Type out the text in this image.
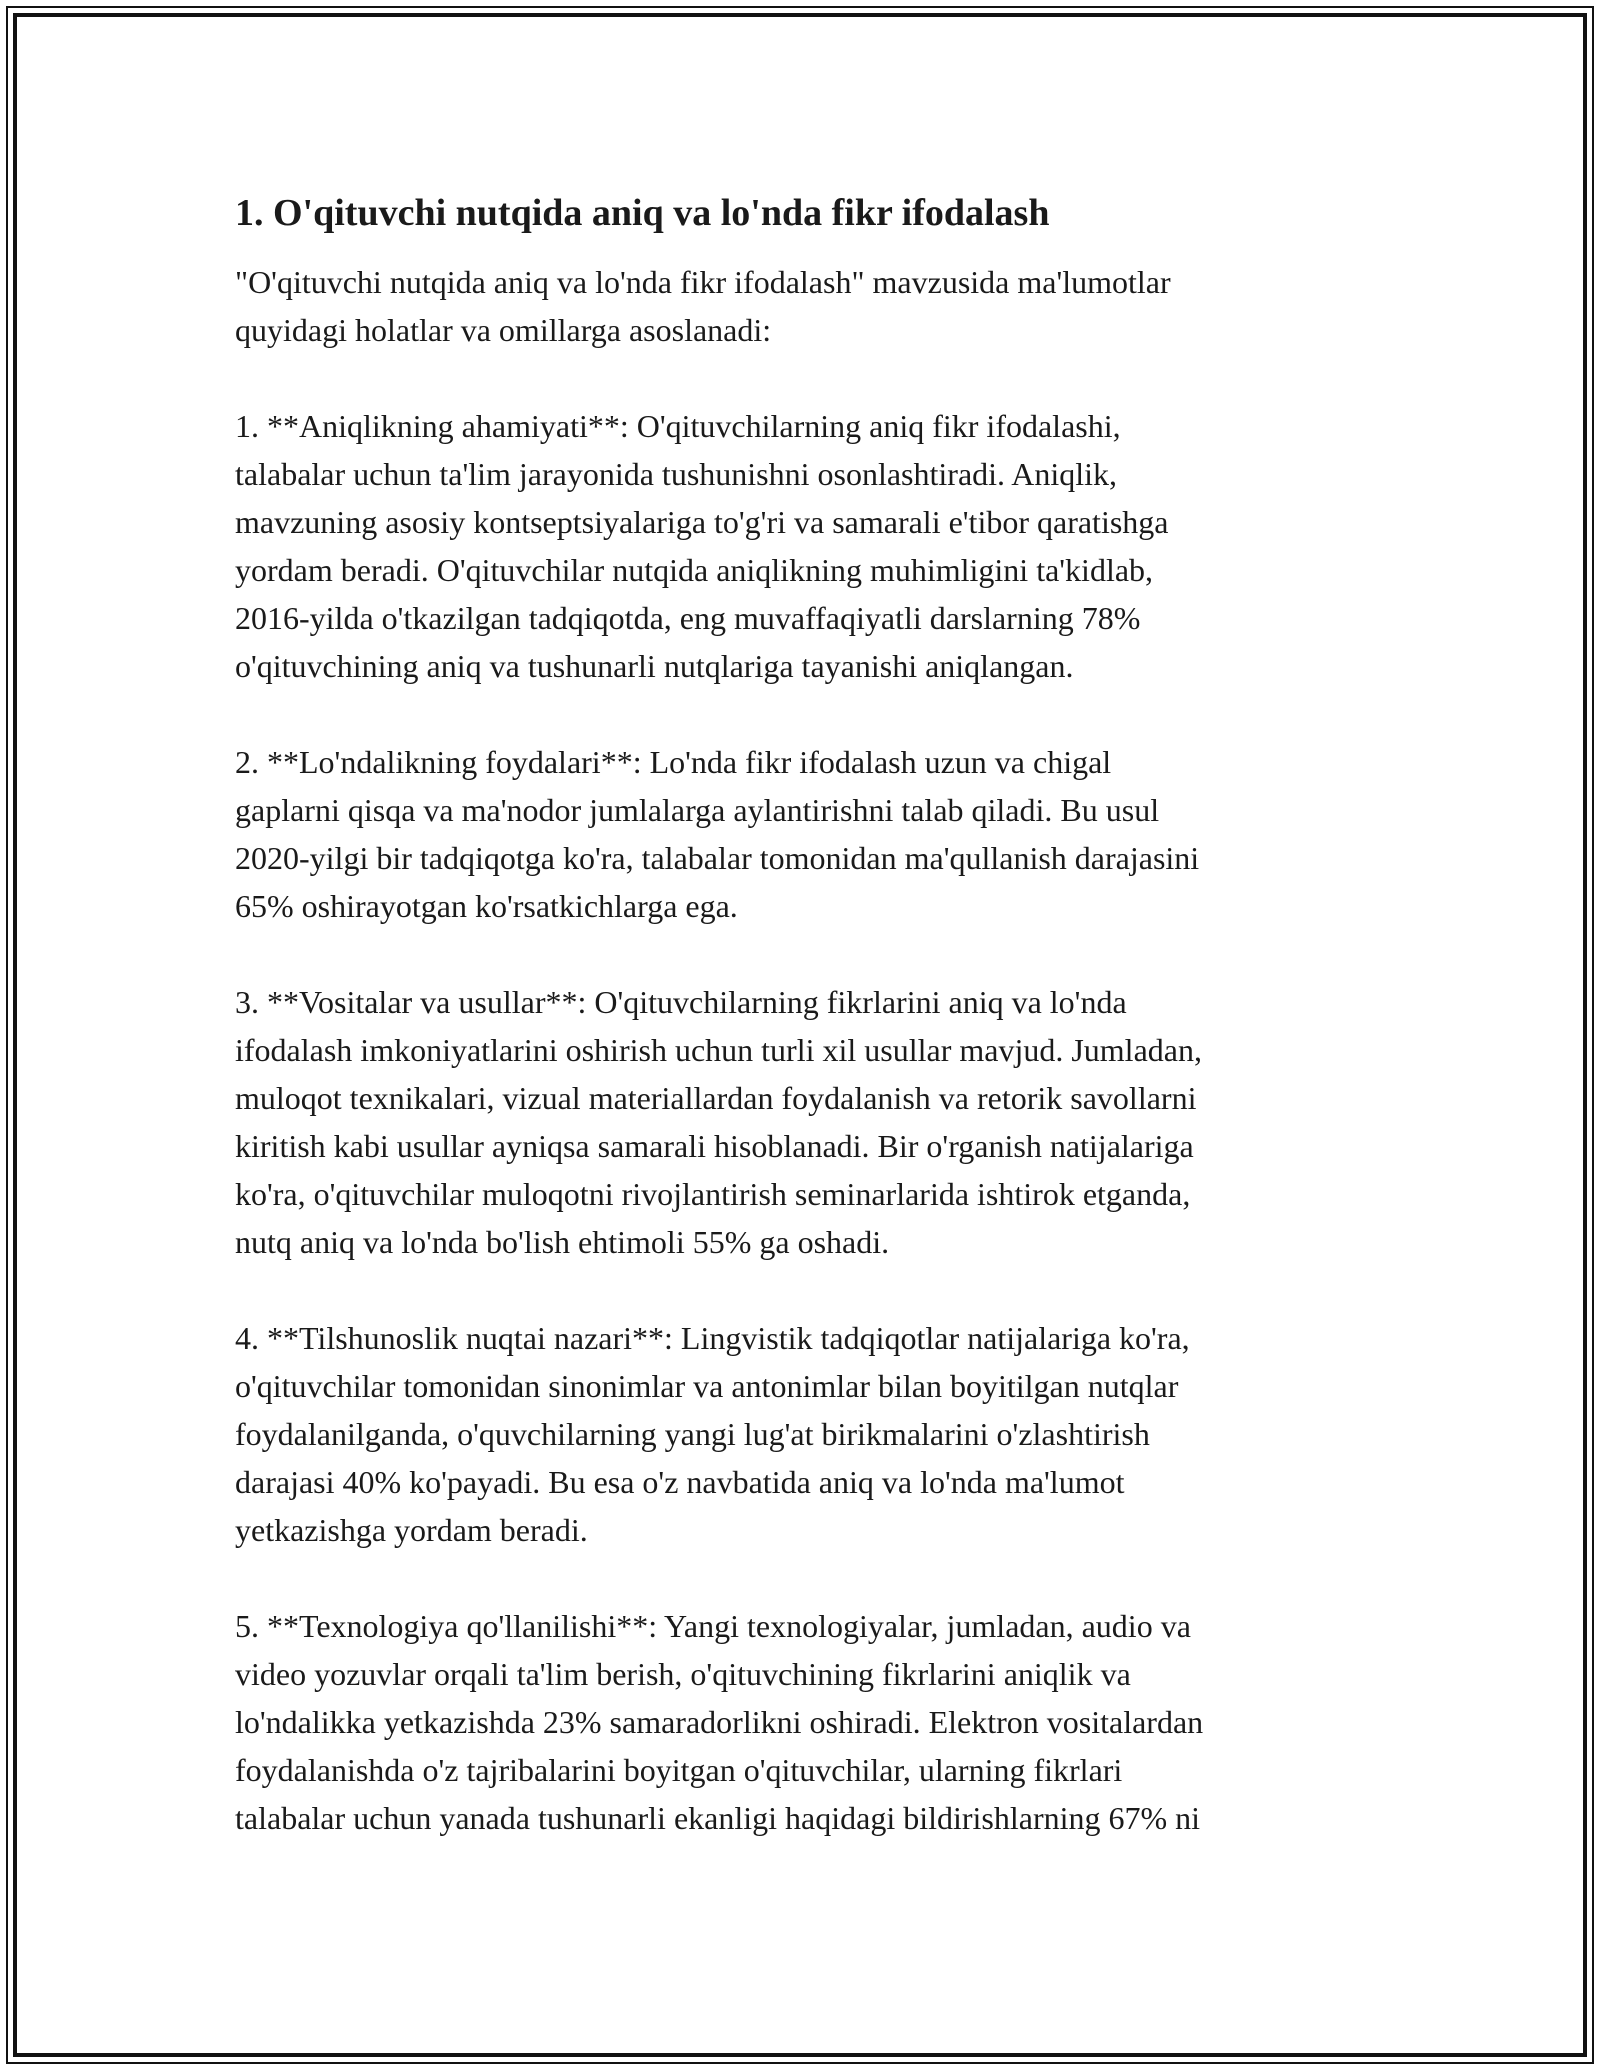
1. O'qituvchi nutqida aniq va lo'nda fikr ifodalash
"O'qituvchi nutqida aniq va lo'nda fikr ifodalash" mavzusida ma'lumotlar
quyidagi holatlar va omillarga asoslanadi:
1. **Aniqlikning ahamiyati**: O'qituvchilarning aniq fikr ifodalashi,
talabalar uchun ta'lim jarayonida tushunishni osonlashtiradi. Aniqlik,
mavzuning asosiy kontseptsiyalariga to'g'ri va samarali e'tibor qaratishga
yordam beradi. O'qituvchilar nutqida aniqlikning muhimligini ta'kidlab,
2016-yilda o'tkazilgan tadqiqotda, eng muvaffaqiyatli darslarning 78%
o'qituvchining aniq va tushunarli nutqlariga tayanishi aniqlangan.
2. **Lo'ndalikning foydalari**: Lo'nda fikr ifodalash uzun va chigal
gaplarni qisqa va ma'nodor jumlalarga aylantirishni talab qiladi. Bu usul
2020-yilgi bir tadqiqotga ko'ra, talabalar tomonidan ma'qullanish darajasini
65% oshirayotgan ko'rsatkichlarga ega.
3. **Vositalar va usullar**: O'qituvchilarning fikrlarini aniq va lo'nda
ifodalash imkoniyatlarini oshirish uchun turli xil usullar mavjud. Jumladan,
muloqot texnikalari, vizual materiallardan foydalanish va retorik savollarni
kiritish kabi usullar ayniqsa samarali hisoblanadi. Bir o'rganish natijalariga
ko'ra, o'qituvchilar muloqotni rivojlantirish seminarlarida ishtirok etganda,
nutq aniq va lo'nda bo'lish ehtimoli 55% ga oshadi.
4. **Tilshunoslik nuqtai nazari**: Lingvistik tadqiqotlar natijalariga ko'ra,
o'qituvchilar tomonidan sinonimlar va antonimlar bilan boyitilgan nutqlar
foydalanilganda, o'quvchilarning yangi lug'at birikmalarini o'zlashtirish
darajasi 40% ko'payadi. Bu esa o'z navbatida aniq va lo'nda ma'lumot
yetkazishga yordam beradi.
5. **Texnologiya qo'llanilishi**: Yangi texnologiyalar, jumladan, audio va
video yozuvlar orqali ta'lim berish, o'qituvchining fikrlarini aniqlik va
lo'ndalikka yetkazishda 23% samaradorlikni oshiradi. Elektron vositalardan
foydalanishda o'z tajribalarini boyitgan o'qituvchilar, ularning fikrlari
talabalar uchun yanada tushunarli ekanligi haqidagi bildirishlarning 67% ni
